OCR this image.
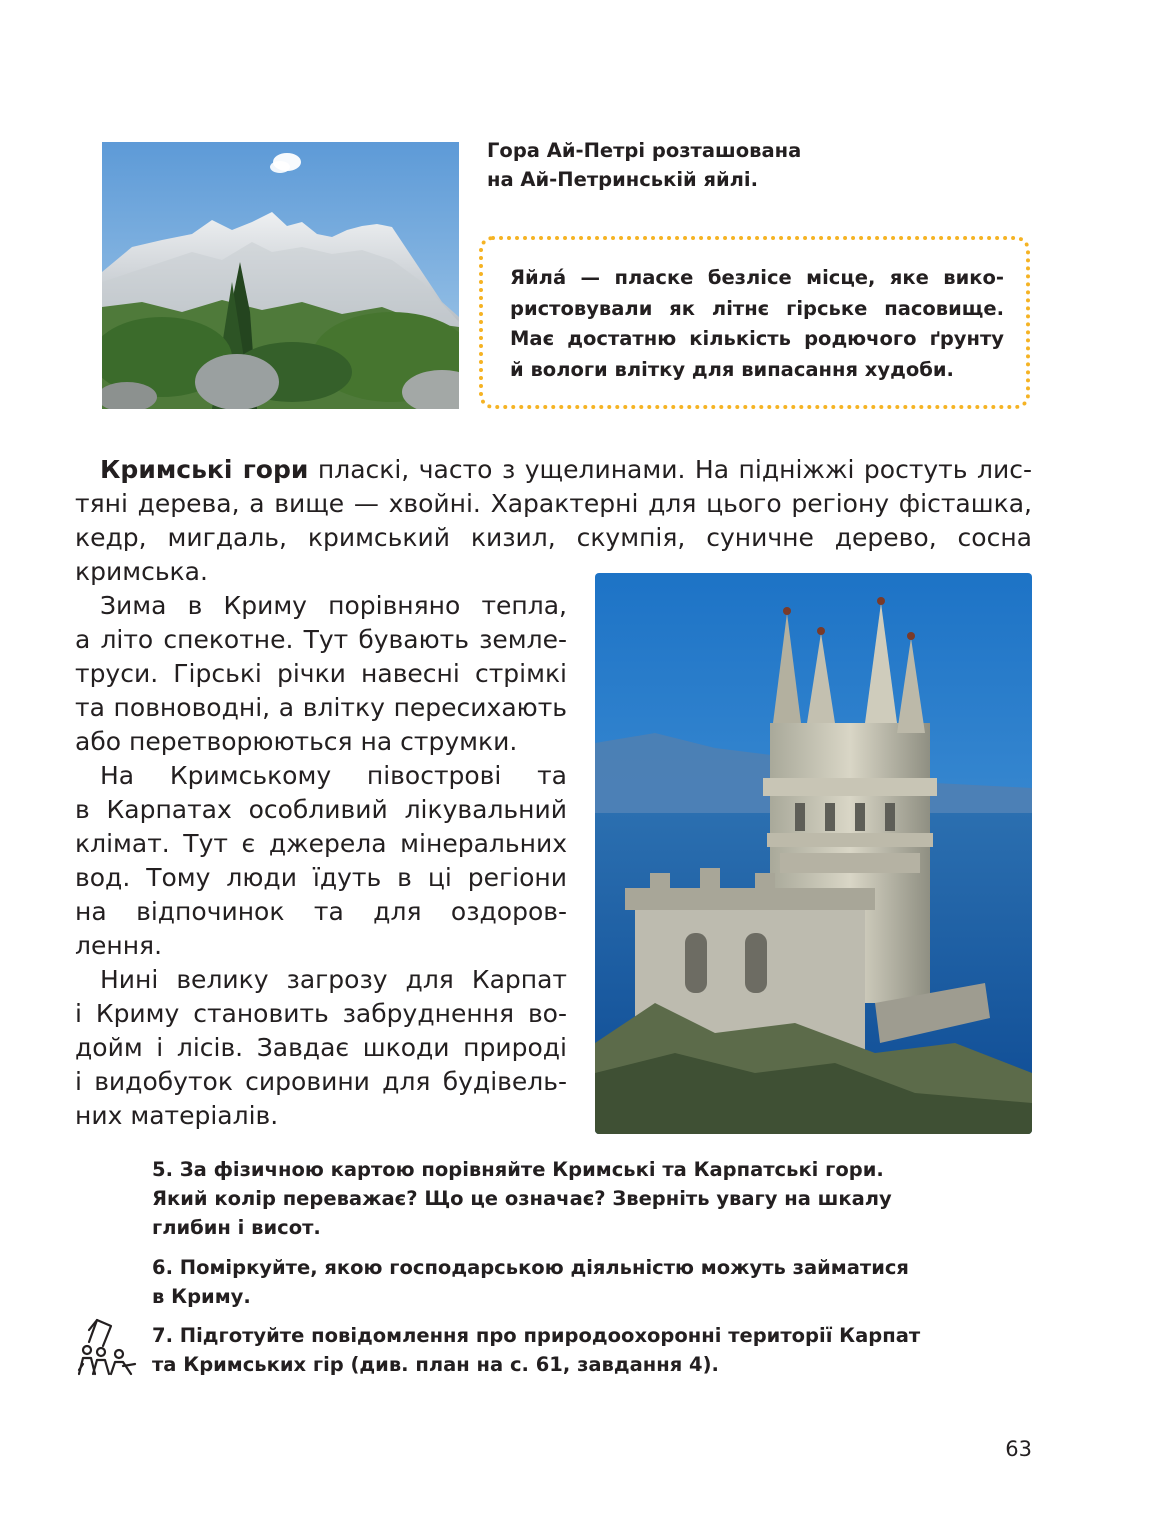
Гора Ай-Петрі розташована
на Ай-Петринській яйлі.
Яйла́ — пласке безлісе місце, яке вико-
ристовували як літнє гірське пасовище.
Має достатню кількість родючого ґрунту
й вологи влітку для випасання худоби.
Кримські гори пласкі, часто з ущелинами. На підніжжі ростуть лис-
тяні дерева, а вище — хвойні. Характерні для цього регіону фісташка,
кедр, мигдаль, кримський кизил, скумпія, суничне дерево, сосна
кримська.
Зима в Криму порівняно тепла,
а літо спекотне. Тут бувають земле-
труси. Гірські річки навесні стрімкі
та повноводні, а влітку пересихають
або перетворюються на струмки.
На Кримському півострові та
в Карпатах особливий лікувальний
клімат. Тут є джерела мінеральних
вод. Тому люди їдуть в ці регіони
на відпочинок та для оздоров-
лення.
Нині велику загрозу для Карпат
і Криму становить забруднення во-
дойм і лісів. Завдає шкоди природі
і видобуток сировини для будівель-
них матеріалів.
5. За фізичною картою порівняйте Кримські та Карпатські гори.
Який колір переважає? Що це означає? Зверніть увагу на шкалу
глибин і висот.
6. Поміркуйте, якою господарською діяльністю можуть займатися
в Криму.
7. Підготуйте повідомлення про природоохоронні території Карпат
та Кримських гір (див. план на с. 61, завдання 4).
63
